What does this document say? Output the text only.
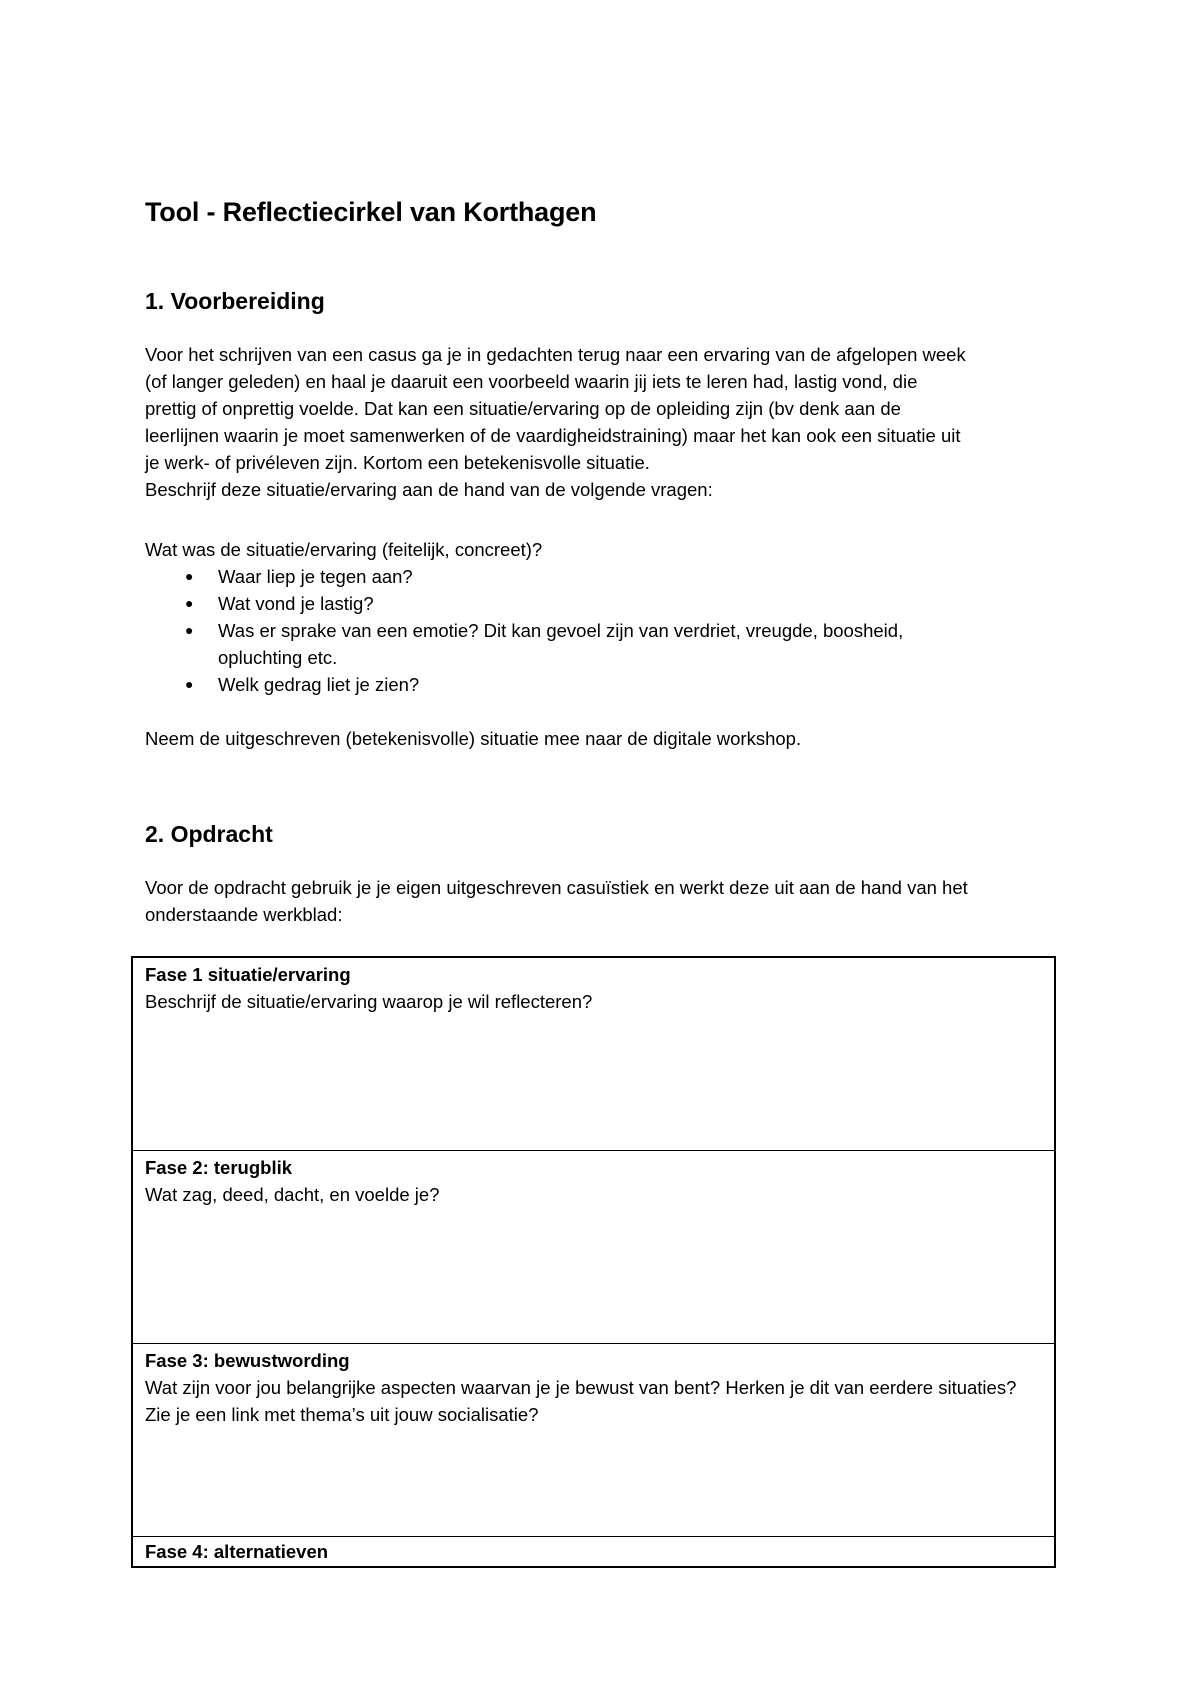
Tool - Reflectiecirkel van Korthagen
1. Voorbereiding
Voor het schrijven van een casus ga je in gedachten terug naar een ervaring van de afgelopen week
(of langer geleden) en haal je daaruit een voorbeeld waarin jij iets te leren had, lastig vond, die
prettig of onprettig voelde. Dat kan een situatie/ervaring op de opleiding zijn (bv denk aan de
leerlijnen waarin je moet samenwerken of de vaardigheidstraining) maar het kan ook een situatie uit
je werk- of privéleven zijn. Kortom een betekenisvolle situatie.
Beschrijf deze situatie/ervaring aan de hand van de volgende vragen:

Wat was de situatie/ervaring (feitelijk, concreet)?

● Waar liep je tegen aan?
● Wat vond je lastig?
● Was er sprake van een emotie? Dit kan gevoel zijn van verdriet, vreugde, boosheid,
opluchting etc.
● Welk gedrag liet je zien?

Neem de uitgeschreven (betekenisvolle) situatie mee naar de digitale workshop.

2. Opdracht
Voor de opdracht gebruik je je eigen uitgeschreven casuïstiek en werkt deze uit aan de hand van het
onderstaande werkblad:
Fase 1 situatie/ervaring
Beschrijf de situatie/ervaring waarop je wil reflecteren?

Fase 2: terugblik
Wat zag, deed, dacht, en voelde je?

Fase 3: bewustwording
Wat zijn voor jou belangrijke aspecten waarvan je je bewust van bent? Herken je dit van eerdere situaties? Zie je een link met thema’s uit jouw socialisatie?

Fase 4: alternatieven
